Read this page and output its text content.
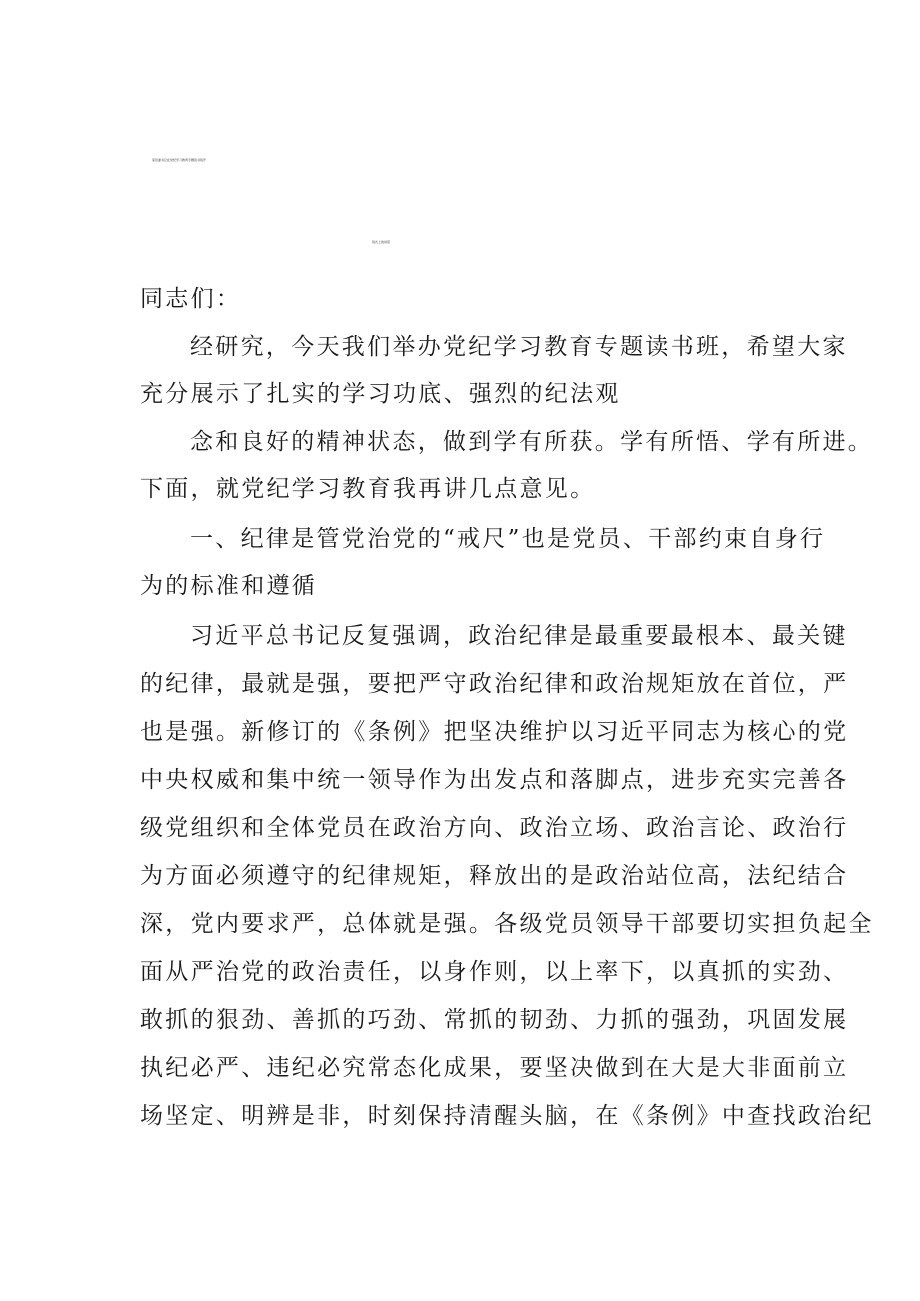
某县委书记在党纪学习教育专题读书班开
班式上的讲话
同志们：
经研究，今天我们举办党纪学习教育专题读书班，希望大家
充分展示了扎实的学习功底、强烈的纪法观
念和良好的精神状态，做到学有所获。学有所悟、学有所进。
下面，就党纪学习教育我再讲几点意见。
一、纪律是管党治党的“戒尺”也是党员、干部约束自身行
为的标准和遵循
习近平总书记反复强调，政治纪律是最重要最根本、最关键
的纪律，最就是强，要把严守政治纪律和政治规矩放在首位，严
也是强。新修订的《条例》把坚决维护以习近平同志为核心的党
中央权威和集中统一领导作为出发点和落脚点，进步充实完善各
级党组织和全体党员在政治方向、政治立场、政治言论、政治行
为方面必须遵守的纪律规矩，释放出的是政治站位高，法纪结合
深，党内要求严，总体就是强。各级党员领导干部要切实担负起全
面从严治党的政治责任，以身作则，以上率下，以真抓的实劲、
敢抓的狠劲、善抓的巧劲、常抓的韧劲、力抓的强劲，巩固发展
执纪必严、违纪必究常态化成果，要坚决做到在大是大非面前立
场坚定、明辨是非，时刻保持清醒头脑，在《条例》中查找政治纪
